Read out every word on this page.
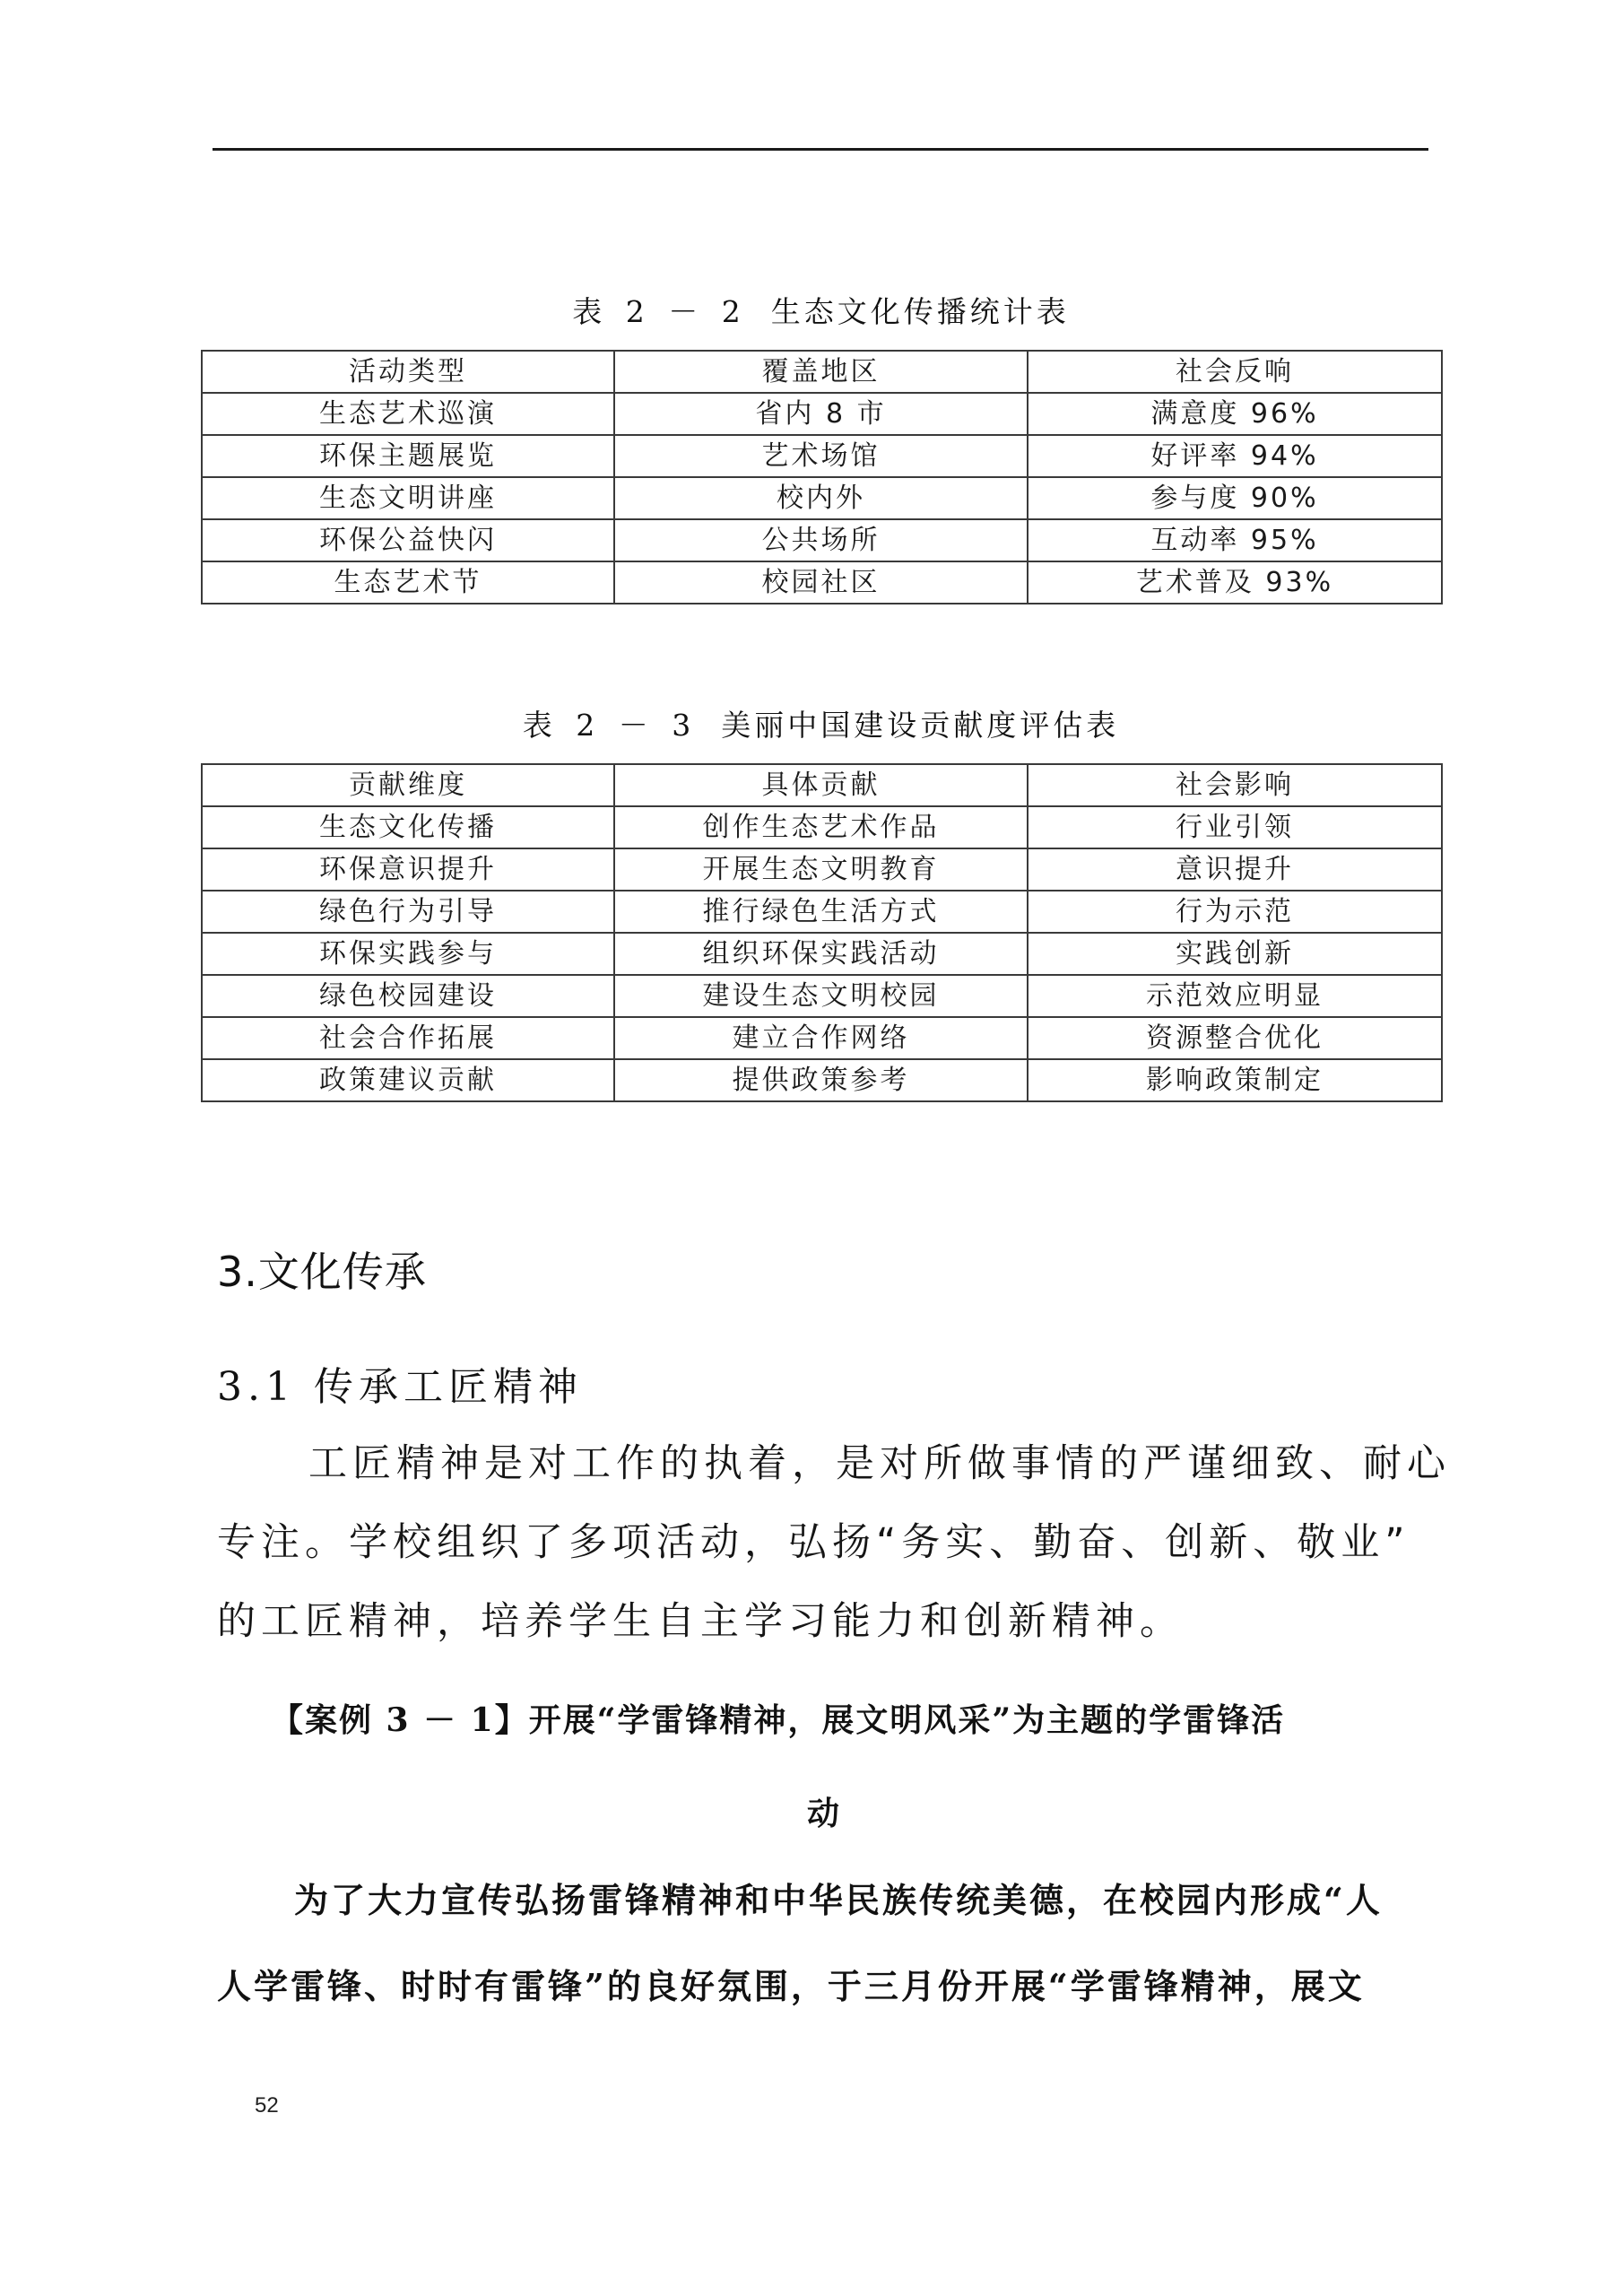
表 2 － 2 生态文化传播统计表
活动类型	覆盖地区	社会反响
生态艺术巡演	省内 8 市	满意度 96%
环保主题展览	艺术场馆	好评率 94%
生态文明讲座	校内外	参与度 90%
环保公益快闪	公共场所	互动率 95%
生态艺术节	校园社区	艺术普及 93%
表 2 － 3 美丽中国建设贡献度评估表
贡献维度	具体贡献	社会影响
生态文化传播	创作生态艺术作品	行业引领
环保意识提升	开展生态文明教育	意识提升
绿色行为引导	推行绿色生活方式	行为示范
环保实践参与	组织环保实践活动	实践创新
绿色校园建设	建设生态文明校园	示范效应明显
社会合作拓展	建立合作网络	资源整合优化
政策建议贡献	提供政策参考	影响政策制定
3.文化传承
3.1 传承工匠精神
工匠精神是对工作的执着，是对所做事情的严谨细致、耐心
专注。学校组织了多项活动，弘扬“务实、勤奋、创新、敬业”
的工匠精神，培养学生自主学习能力和创新精神。
【案例 3 － 1】开展“学雷锋精神，展文明风采”为主题的学雷锋活
动
为了大力宣传弘扬雷锋精神和中华民族传统美德，在校园内形成“人
人学雷锋、时时有雷锋”的良好氛围，于三月份开展“学雷锋精神，展文
52
